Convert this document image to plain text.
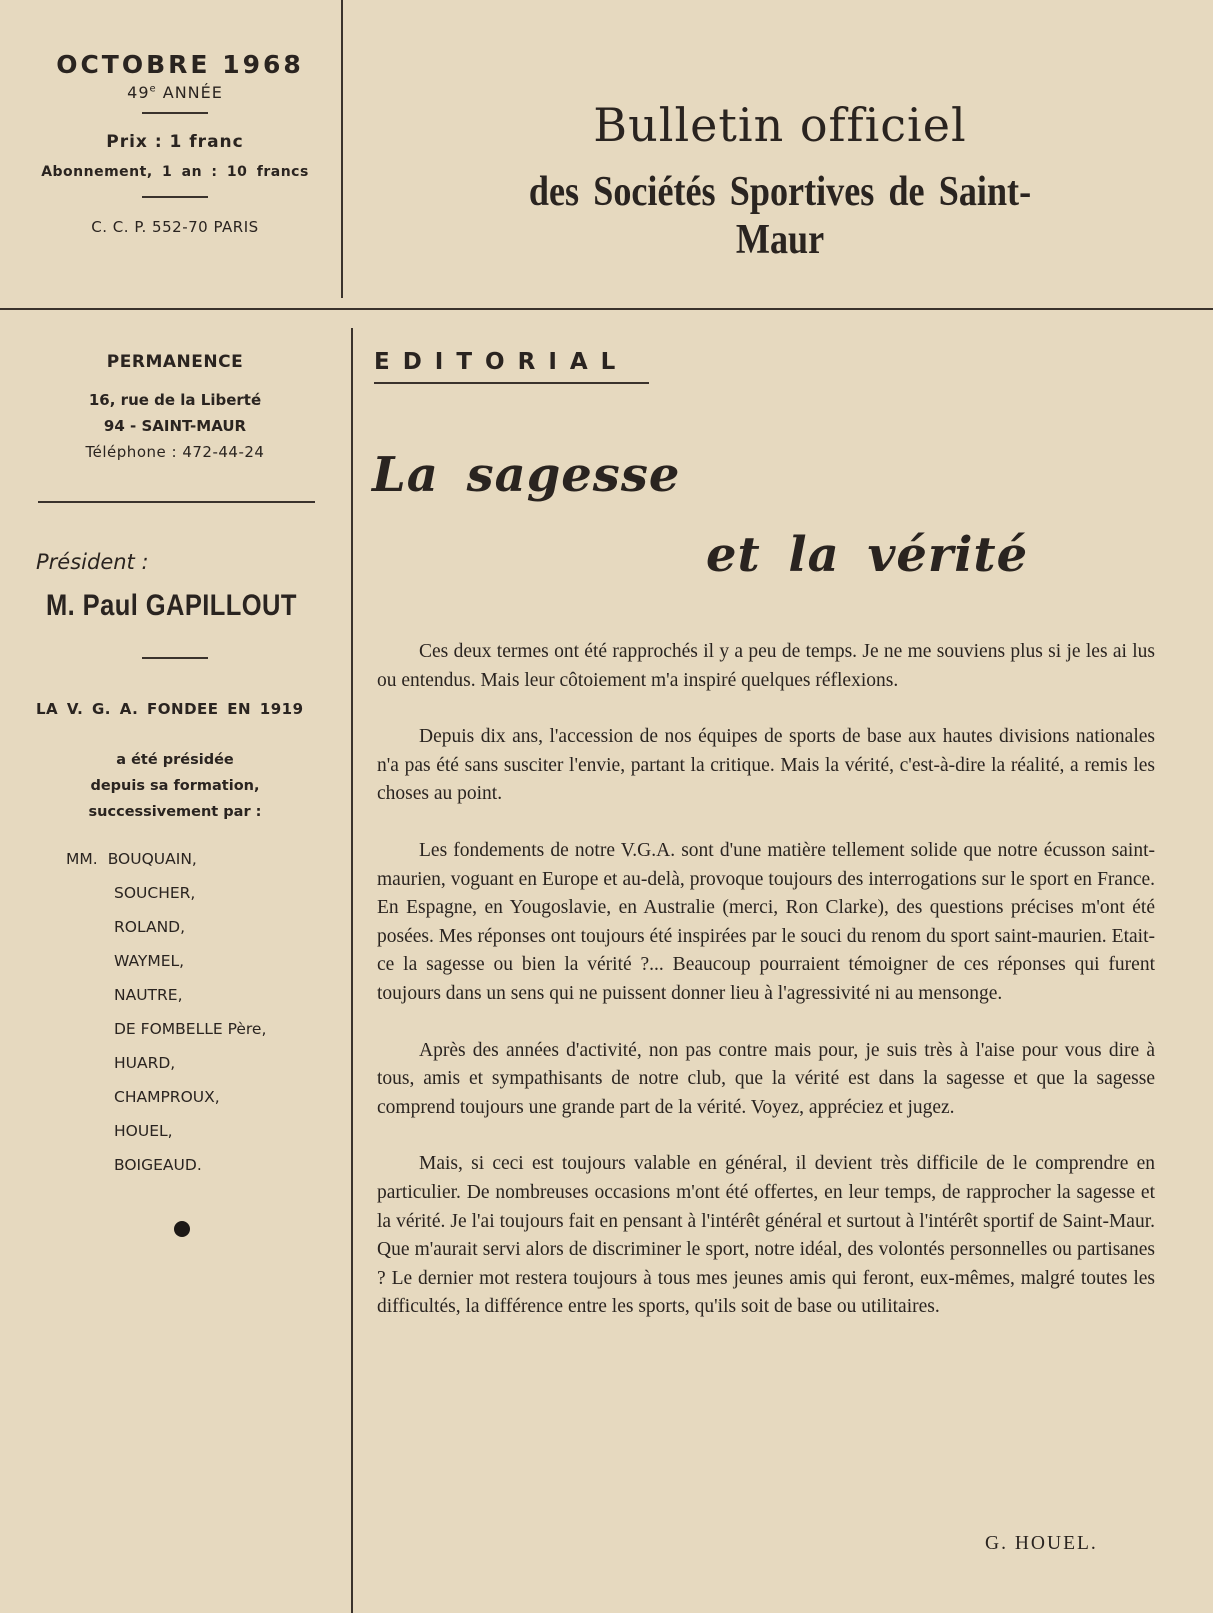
OCTOBRE 1968
49e ANNÉE
Prix : 1 franc
Abonnement, 1 an : 10 francs
C. C. P. 552-70 PARIS
Bulletin officiel
des Sociétés Sportives de Saint-Maur
PERMANENCE
16, rue de la Liberté
94 - SAINT-MAUR
Téléphone : 472-44-24
Président :
M. Paul GAPILLOUT
LA V. G. A. FONDEE EN 1919
a été présidée
depuis sa formation,
successivement par :
MM. BOUQUAIN,
SOUCHER,
ROLAND,
WAYMEL,
NAUTRE,
DE FOMBELLE Père,
HUARD,
CHAMPROUX,
HOUEL,
BOIGEAUD.
EDITORIAL
La sagesse
et la vérité

Ces deux termes ont été rapprochés il y a peu de temps. Je ne me souviens plus si je les ai lus ou entendus. Mais leur côtoiement m'a inspiré quelques réflexions.

Depuis dix ans, l'accession de nos équipes de sports de base aux hautes divisions nationales n'a pas été sans susciter l'envie, partant la critique. Mais la vérité, c'est-à-dire la réalité, a remis les choses au point.

Les fondements de notre V.G.A. sont d'une matière tellement solide que notre écusson saint-maurien, voguant en Europe et au-delà, provoque toujours des interrogations sur le sport en France. En Espagne, en Yougoslavie, en Australie (merci, Ron Clarke), des questions précises m'ont été posées. Mes réponses ont toujours été inspirées par le souci du renom du sport saint-maurien. Etait-ce la sagesse ou bien la vérité ?... Beaucoup pourraient témoigner de ces réponses qui furent toujours dans un sens qui ne puissent donner lieu à l'agressivité ni au mensonge.

Après des années d'activité, non pas contre mais pour, je suis très à l'aise pour vous dire à tous, amis et sympathisants de notre club, que la vérité est dans la sagesse et que la sagesse comprend toujours une grande part de la vérité. Voyez, appréciez et jugez.

Mais, si ceci est toujours valable en général, il devient très difficile de le comprendre en particulier. De nombreuses occasions m'ont été offertes, en leur temps, de rapprocher la sagesse et la vérité. Je l'ai toujours fait en pensant à l'intérêt général et surtout à l'intérêt sportif de Saint-Maur. Que m'aurait servi alors de discriminer le sport, notre idéal, des volontés personnelles ou partisanes ? Le dernier mot restera toujours à tous mes jeunes amis qui feront, eux-mêmes, malgré toutes les difficultés, la différence entre les sports, qu'ils soit de base ou utilitaires.

G. HOUEL.
